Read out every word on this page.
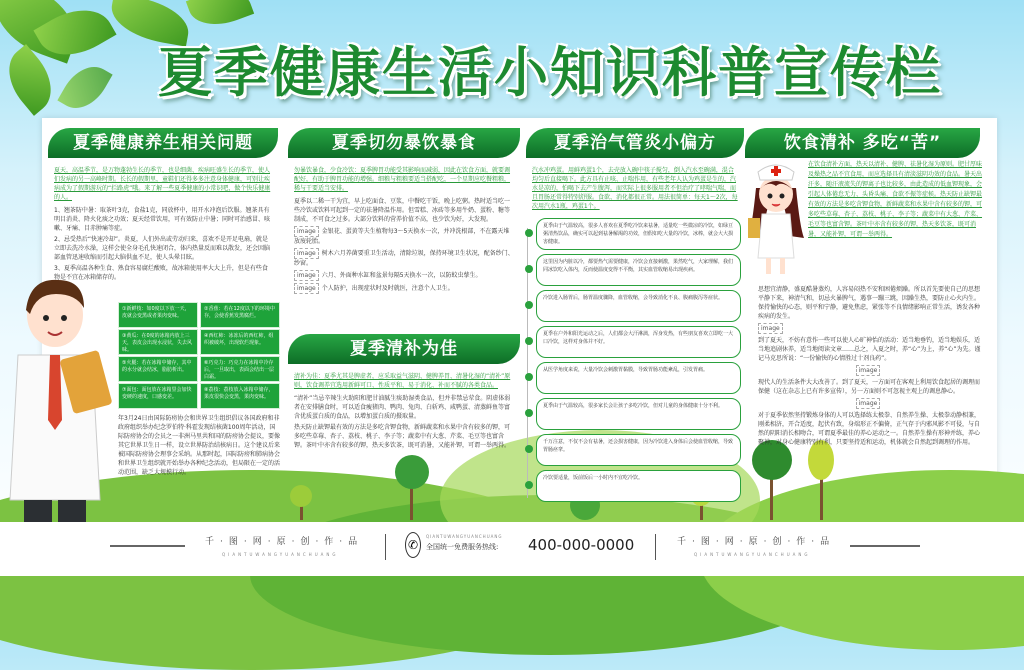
夏季健康生活小知识科普宣传栏
夏季健康养生相关问题
夏天，高温季节，是万物蓬勃生长的季节，也是细菌、疾病旺盛生长的季节，使人们发病的另一高峰时期。长长的假期里，童鞋们还得多多注意身体健康，可别让疾病成为了假期游玩的“拦路虎”哦。来了解一些夏季健康的小常识吧，做个快乐健康的人。
1、翘茶防中暑：取茶叶3克，食盐1克，同放杯中，用开水冲泡后饮服。翘茶具有明目消炎、降火化痰之功效；夏天经常饮用，可有效防止中暑；同时可治感冒、咳嗽、牙痛、目赤肿痛等症。
2、忌受热后“快速冷却”。炎夏，人们外出或劳动归来，喜欢不是开足电扇，就是立即去洗冷水澡，这样会使全身毛孔快速闭合，体内热量反而难以散发，还会因脑部血管迅速收缩而引起大脑供血不足，使人头晕目眩。
3、夏季高温各种生食、熟食容易腐烂酸败，故冰箱使用率大大上升，但是有些食物是不宜在冰箱储存的。
①新鲜枝：如0度以下放一天，皮就会变黑或者果肉变味。
②香蕉：若在12度以下的环境中存，会使香蕉发黑腐烂。
③黄瓜：在0度的冰箱内放上三天，表皮会出现水浸状，失去风味。
④西红柿：冰冻后的西红柿，组织被破坏，出现软烂现象。
⑤火腿：若在冰箱中储存，其中的水分就会结冰，脂肪析出。
⑥巧克力：巧克力在冰箱中冷存后，一旦取出，表面会结出一层白霜。
⑦面包：面包放在冰箱里会加快变硬的速度，口感变差。
⑧荔枝：荔枝放入冰箱中储存，果皮很快会变黑，果肉变味。
年3月24日由国际防痨协会和世界卫生组织倡议各国政府和非政府组织举办纪念罗伯特·科霍发现结核菌100周年活动，国际防痨协会的会员之一非洲马里共和国的防痨协会提议，要像其它世界卫生日一样，设立世界防治结核病日。这个建议后来被国际防痨协会理事会采纳。从那时起，国际防痨和肺病协会和世界卫生组织就开始举办各种纪念活动，但局限在一定的活动范围，缺乏大规模行动。
夏季切勿暴饮暴食
勿暴饮暴食，少食冷饮：夏季脾胃功能受其影响而减弱，因此在饮食方面，就要调配好，有助于脾胃功能的增强。细粮与粗粮要适当搭配吃，一个星期应吃餐粗粮，稀与干要适当安排。
夏季以二稀一干为宜，早上吃面食、豆浆，中餐吃干饭，晚上吃粥。热时适当吃一些冷饮或饮料可起到一定的祛暑降温作用。但雪糕、冰砖等多用牛奶、蛋粉、糖等制成，不可食之过多。大部分饮料的营养价值不高，也少饮为好，大发现。
image 金银花、蛋黄等夫生植物每3～5天换水一次，并冲洗根部，不在露天堆放废轮胎。
image 树木六月养菌要重卫生活动，清除垃圾，保持环境卫生状况，配备纱门、纱窗。
image 六月、外面种水缸和盆景每隔5天换水一次，以防蚊虫孳生。
image 个人防护，出现症状时及时就医，注意个人卫生。
夏季清补为佳
清补为佳：夏季尤其是脾虚者，应采取益气滋阴、健脾养胃、清暑化湿的“清补”原则，饮食调养宜选用新鲜可口、性质平和、易于消化、补而不腻的各类食品。
“清补”当忌辛辣生火助阳和肥甘油腻生痰助湿类食品，但并非禁忌荤食。阴虚体弱者在安排膳食时，可以适食瘦猪肉、鸭肉、兔肉、白斩鸡、咸鸭蛋、清蒸鲜鱼等富含优质蛋白质的食品，以增加蛋白质的摄取量。
热天防止缺钾最有效的方法是多吃含钾食物，新鲜蔬菜和水果中含有较多的钾，可多吃些草莓、杏子、荔枝、桃子、李子等；蔬菜中有大葱、芹菜、毛豆等也富含钾。茶叶中亦含有较多的钾，热天多饮茶，既可消暑，又能补钾，可谓一举两得。
夏季治气管炎小偏方
汽水冲鸡蛋。用鲜鸡蛋1个，去壳放入碗中筷子搅匀，倒入汽水至碗满，混合均匀后直接喝下。此方具有止咳、止喘作用，有些老年人认为鸡蛋是生的，汽水是凉的，怕喝下去产生腹泻，而实际上很多服用者不但治疗了哮喘气喘，而且胃肠还常得特别舒服。食欲、消化都很正常。用法很简单：每天1～2次，每次用汽水1瓶，鸡蛋1个。
夏季由于气温较高，很多人喜欢在夏季吃冷饮来祛暑，适量吃一些微凉的冷饮，如绿豆粥清热饮品，确实可以起到祛暑解渴的功效，但假如吃大量的冷饮，冰棒，就会大大损害健康。
这里因为内脏以冷，都要热气需要健康，冷饮会直接刺激，果然吃气，大家理解，我们同冰饮吃入体内，反而使温度变得不平衡，其实血管收缩易出现疾病。
冷饮进入肠胃后，肠胃温度骤降，血管收缩，会导致消化不良、腹痛腹泻等症状。
夏季在户外和阳光运动之后，人们都会大汗淋漓，浑身发热，有些朋友喜欢立即吃一大口冷饮，这样对身体并不好。
从医学角度来说，大量冷饮会刺激胃黏膜，导致胃肠功能紊乱，引发胃痛。
夏季由于气温较高，很多家长会让孩子多吃冷饮，但对儿童的身体健康十分不利。
千万注意，不仅不会有祛暑，还会损害健康，因为冷饮进入身体后会使血管收缩，导致胃肠痉挛。
冷饮要适量，饭前饭后一小时内不宜吃冷饮。
饮食清补 多吃“苦”
在饮食清补方面，热天以清补、健脾、祛暑化湿为原则。肥甘厚味及燥热之品不宜食用，而应选择具有清淡滋阴功效的食品。暑天出汗多，随汗液流失的钾离子也比较多，由此造成的低血钾现象，会引起人体倦怠无力、头昏头痛、食欲不振等症候。热天防止缺钾最有效的方法是多吃含钾食物，新鲜蔬菜和水果中含有较多的钾，可多吃些草莓、杏子、荔枝、桃子、李子等；蔬菜中有大葱、芹菜、毛豆等也富含钾。茶叶中亦含有较多的钾，热天多饮茶，既可消暑，又能补钾，可谓一举两得。
思想宜清静，盛夏酷暑蒸灼，人容易闷热不安和困倦烦躁。所以首先要使自己的思想平静下来，神清气和，切忌火暴脾气，遇事一蹦三跳，因躁生热，要防止心火内生。保持愉快的心态，则平和宁静，避免焦虑，紧张等不良情绪影响正常生活，诱发各种疾病的发生。
image
到了夏天，不妨有意作一些可以使人心旷神怡的活动：适当地垂钓，适当地娱乐，适当地追剧休养，适当地阅读文章……总之，入夏之时，养“心”为上，养“心”为先。谨记马克思所说：“一份愉快的心情胜过十剂良药”。
image
现代人的生活条件大大改善了。到了夏天，一方面可在客观上利用饮食起居的调理而保健（这在杂志上已有许多宣传），另一方面则不可忽视主观上的调息静心。
image
对于夏季依然坚持锻炼身体的人可以选择练太极拳、自然养生操、太极拳动静相兼，刚柔相济，开合适度，起伏有致，身端形正不偏倚，正气存于内邪风影不可侵，与自然的阴阳消长相吻合，可谓夏季最佳的养心运动之一。自然养生操有形神并练，养心聚神，对身心健康特别有利，只要坚持适和运动，机体就会自然起到调理的作用。
千·图·网·原·创·作·品
QIANTUWANGYUANCHUANG
✆
QIANTUWANGYUANCHUANG
全国统一免费服务热线: 400-000-0000	千·图·网·原·创·作·品
QIANTUWANGYUANCHUANG
